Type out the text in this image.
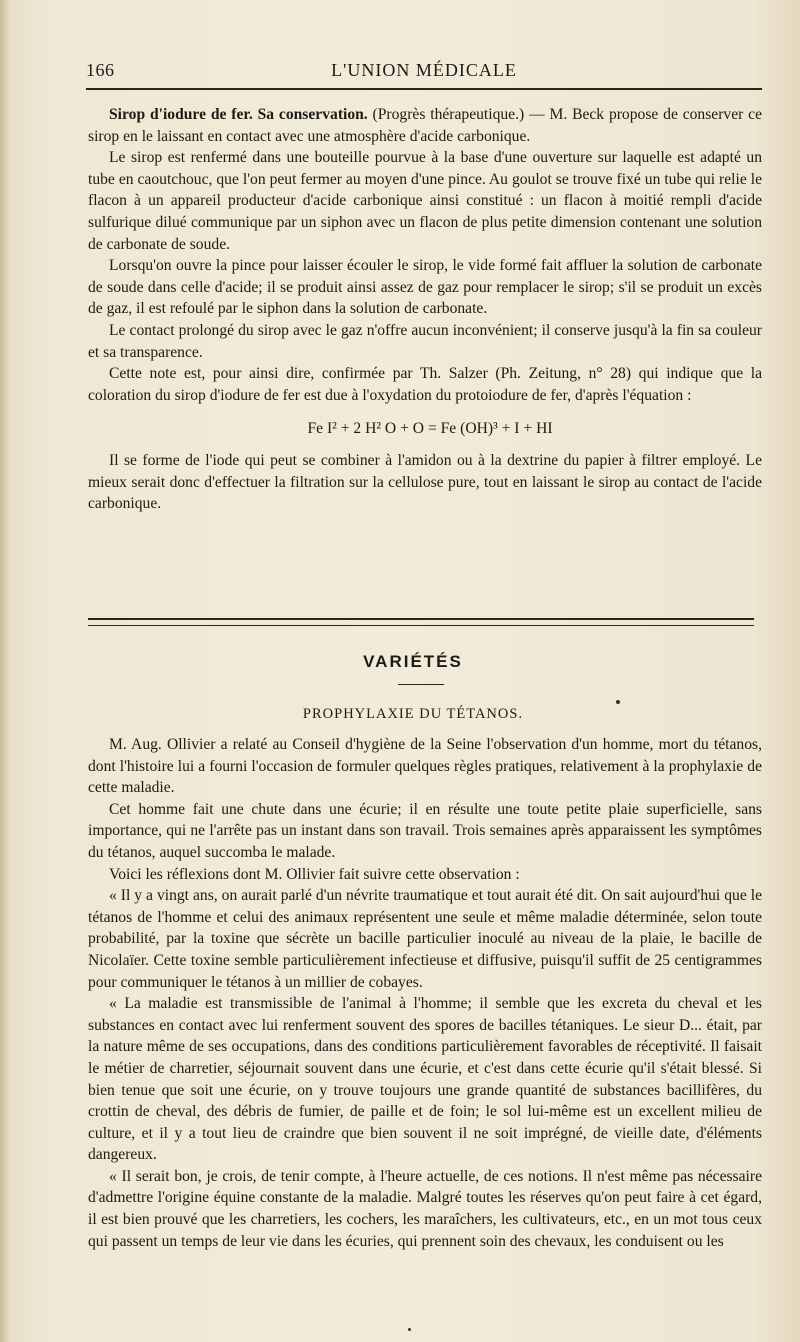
166	L'UNION MÉDICALE

Sirop d'iodure de fer. Sa conservation. (Progrès thérapeutique.) — M. Beck propose de conserver ce sirop en le laissant en contact avec une atmosphère d'acide carbonique.

Le sirop est renfermé dans une bouteille pourvue à la base d'une ouverture sur laquelle est adapté un tube en caoutchouc, que l'on peut fermer au moyen d'une pince. Au goulot se trouve fixé un tube qui relie le flacon à un appareil producteur d'acide carbonique ainsi constitué : un flacon à moitié rempli d'acide sulfurique dilué communique par un siphon avec un flacon de plus petite dimension contenant une solution de carbonate de soude.

Lorsqu'on ouvre la pince pour laisser écouler le sirop, le vide formé fait affluer la solution de carbonate de soude dans celle d'acide; il se produit ainsi assez de gaz pour remplacer le sirop; s'il se produit un excès de gaz, il est refoulé par le siphon dans la solution de carbonate.

Le contact prolongé du sirop avec le gaz n'offre aucun inconvénient; il conserve jusqu'à la fin sa couleur et sa transparence.

Cette note est, pour ainsi dire, confirmée par Th. Salzer (Ph. Zeitung, n° 28) qui indique que la coloration du sirop d'iodure de fer est due à l'oxydation du protoiodure de fer, d'après l'équation :

Fe I² + 2 H² O + O = Fe (OH)³ + I + HI

Il se forme de l'iode qui peut se combiner à l'amidon ou à la dextrine du papier à filtrer employé. Le mieux serait donc d'effectuer la filtration sur la cellulose pure, tout en laissant le sirop au contact de l'acide carbonique.

VARIÉTÉS
PROPHYLAXIE DU TÉTANOS.

M. Aug. Ollivier a relaté au Conseil d'hygiène de la Seine l'observation d'un homme, mort du tétanos, dont l'histoire lui a fourni l'occasion de formuler quelques règles pratiques, relativement à la prophylaxie de cette maladie.

Cet homme fait une chute dans une écurie; il en résulte une toute petite plaie superficielle, sans importance, qui ne l'arrête pas un instant dans son travail. Trois semaines après apparaissent les symptômes du tétanos, auquel succomba le malade.

Voici les réflexions dont M. Ollivier fait suivre cette observation :

« Il y a vingt ans, on aurait parlé d'un névrite traumatique et tout aurait été dit. On sait aujourd'hui que le tétanos de l'homme et celui des animaux représentent une seule et même maladie déterminée, selon toute probabilité, par la toxine que sécrète un bacille particulier inoculé au niveau de la plaie, le bacille de Nicolaïer. Cette toxine semble particulièrement infectieuse et diffusive, puisqu'il suffit de 25 centigrammes pour communiquer le tétanos à un millier de cobayes.

« La maladie est transmissible de l'animal à l'homme; il semble que les excreta du cheval et les substances en contact avec lui renferment souvent des spores de bacilles tétaniques. Le sieur D... était, par la nature même de ses occupations, dans des conditions particulièrement favorables de réceptivité. Il faisait le métier de charretier, séjournait souvent dans une écurie, et c'est dans cette écurie qu'il s'était blessé. Si bien tenue que soit une écurie, on y trouve toujours une grande quantité de substances bacillifères, du crottin de cheval, des débris de fumier, de paille et de foin; le sol lui-même est un excellent milieu de culture, et il y a tout lieu de craindre que bien souvent il ne soit imprégné, de vieille date, d'éléments dangereux.

« Il serait bon, je crois, de tenir compte, à l'heure actuelle, de ces notions. Il n'est même pas nécessaire d'admettre l'origine équine constante de la maladie. Malgré toutes les réserves qu'on peut faire à cet égard, il est bien prouvé que les charretiers, les cochers, les maraîchers, les cultivateurs, etc., en un mot tous ceux qui passent un temps de leur vie dans les écuries, qui prennent soin des chevaux, les conduisent ou les
